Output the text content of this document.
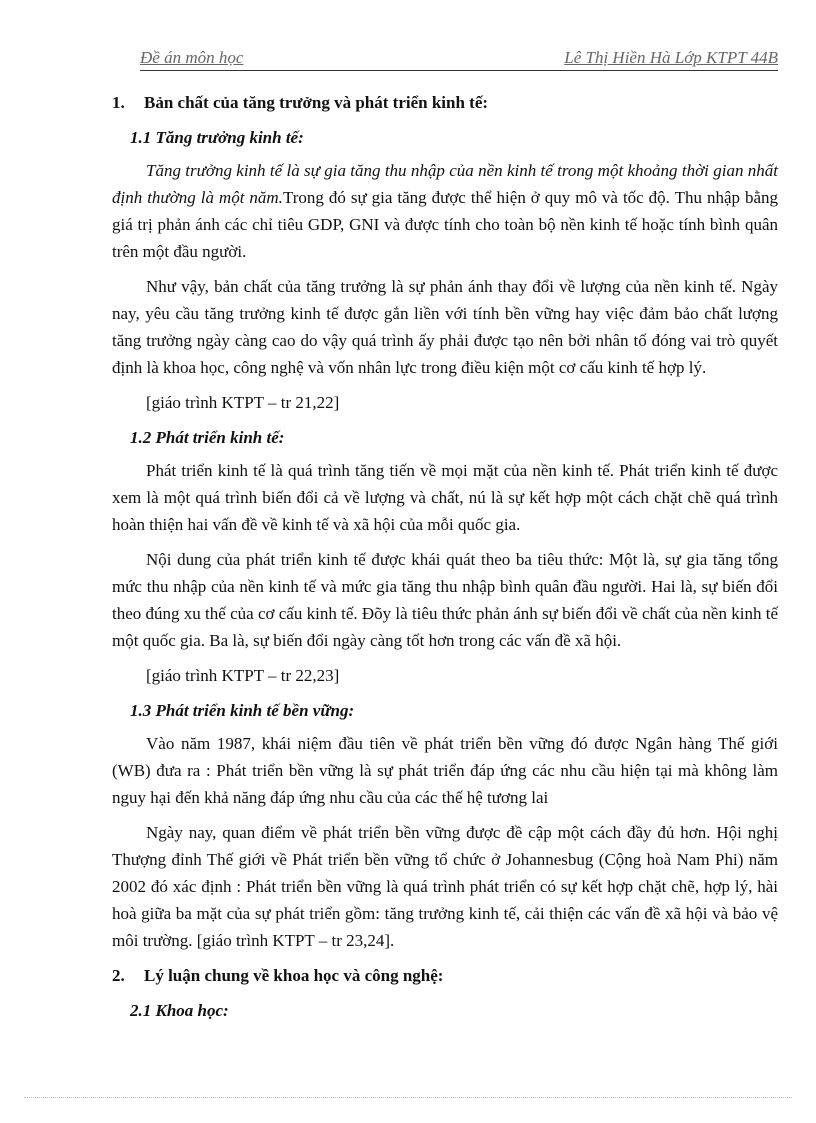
Đề án môn học	Lê Thị Hiền Hà Lớp KTPT 44B
1. Bản chất của tăng trưởng và phát triển kinh tế:
1.1 Tăng trưởng kinh tế:
Tăng trưởng kinh tế là sự gia tăng thu nhập của nền kinh tế trong một khoảng thời gian nhất định thường là một năm.Trong đó sự gia tăng được thể hiện ở quy mô và tốc độ. Thu nhập bằng giá trị phản ánh các chỉ tiêu GDP, GNI và được tính cho toàn bộ nền kinh tế hoặc tính bình quân trên một đầu người.
Như vậy, bản chất của tăng trưởng là sự phản ánh thay đổi về lượng của nền kinh tế. Ngày nay, yêu cầu tăng trưởng kinh tế được gắn liền với tính bền vững hay việc đảm bảo chất lượng tăng trưởng ngày càng cao do vậy quá trình ấy phải được tạo nên bởi nhân tố đóng vai trò quyết định là khoa học, công nghệ và vốn nhân lực trong điều kiện một cơ cấu kinh tế hợp lý.
[giáo trình KTPT – tr 21,22]
1.2 Phát triển kinh tế:
Phát triển kinh tế là quá trình tăng tiến về mọi mặt của nền kinh tế. Phát triển kinh tế được xem là một quá trình biến đổi cả về lượng và chất, nú là sự kết hợp một cách chặt chẽ quá trình hoàn thiện hai vấn đề về kinh tế và xã hội của mỗi quốc gia.
Nội dung của phát triển kinh tế được khái quát theo ba tiêu thức: Một là, sự gia tăng tổng mức thu nhập của nền kinh tế và mức gia tăng thu nhập bình quân đầu người. Hai là, sự biến đổi theo đúng xu thế của cơ cấu kinh tế. Đõy là tiêu thức phản ánh sự biến đổi về chất của nền kinh tế một quốc gia. Ba là, sự biến đổi ngày càng tốt hơn trong các vấn đề xã hội.
[giáo trình KTPT – tr 22,23]
1.3 Phát triển kinh tế bền vững:
Vào năm 1987, khái niệm đầu tiên về phát triển bền vững đó được Ngân hàng Thế giới (WB) đưa ra : Phát triển bền vững là sự phát triển đáp ứng các nhu cầu hiện tại mà không làm nguy hại đến khả năng đáp ứng nhu cầu của các thế hệ tương lai
Ngày nay, quan điểm về phát triển bền vững được đề cập một cách đầy đủ hơn. Hội nghị Thượng đỉnh Thế giới về Phát triển bền vững tổ chức ở Johannesbug (Cộng hoà Nam Phi) năm 2002 đó xác định : Phát triển bền vững là quá trình phát triển có sự kết hợp chặt chẽ, hợp lý, hài hoà giữa ba mặt của sự phát triển gồm: tăng trưởng kinh tế, cải thiện các vấn đề xã hội và bảo vệ môi trường. [giáo trình KTPT – tr 23,24].
2. Lý luận chung về khoa học và công nghệ:
2.1 Khoa học:
